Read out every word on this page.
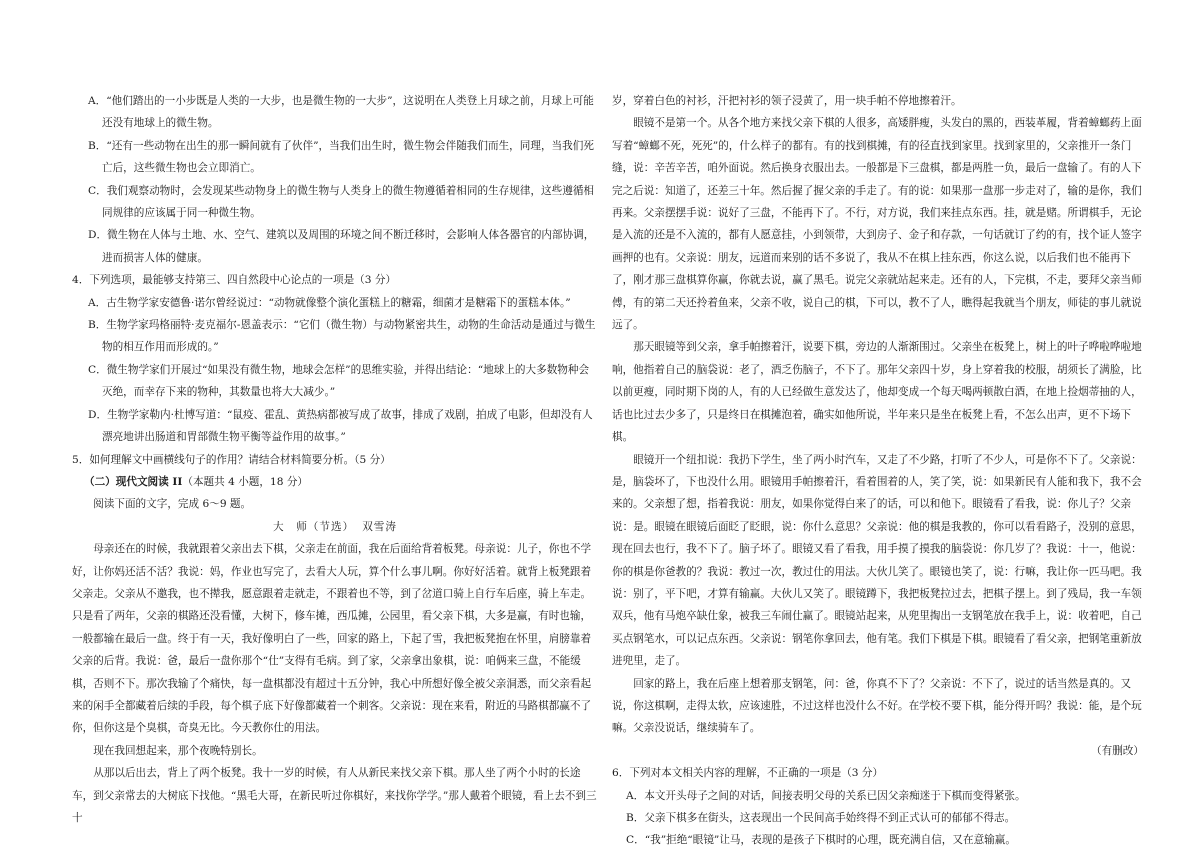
A．“他们踏出的一小步既是人类的一大步，也是微生物的一大步”，这说明在人类登上月球之前，月球上可能还没有地球上的微生物。

B．“还有一些动物在出生的那一瞬间就有了伙伴”，当我们出生时，微生物会伴随我们而生，同理，当我们死亡后，这些微生物也会立即消亡。

C．我们观察动物时，会发现某些动物身上的微生物与人类身上的微生物遵循着相同的生存规律，这些遵循相同规律的应该属于同一种微生物。

D．微生物在人体与土地、水、空气、建筑以及周围的环境之间不断迁移时，会影响人体各器官的内部协调，进而损害人体的健康。

4．下列选项，最能够支持第三、四自然段中心论点的一项是（3 分）

A．古生物学家安德鲁·诺尔曾经说过：“动物就像整个演化蛋糕上的糖霜，细菌才是糖霜下的蛋糕本体。”

B．生物学家玛格丽特·麦克福尔-恩盖表示：“它们（微生物）与动物紧密共生，动物的生命活动是通过与微生物的相互作用而形成的。”

C．微生物学家们开展过“如果没有微生物，地球会怎样”的思维实验，并得出结论：“地球上的大多数物种会灭绝，而幸存下来的物种，其数量也将大大减少。”

D．生物学家勒内·杜博写道：“鼠疫、霍乱、黄热病都被写成了故事，排成了戏剧，拍成了电影，但却没有人漂亮地讲出肠道和胃部微生物平衡等益作用的故事。”

5．如何理解文中画横线句子的作用？请结合材料简要分析。（5 分）

（二）现代文阅读 II（本题共 4 小题，18 分）

阅读下面的文字，完成 6～9 题。

大　师（节选） 双雪涛

母亲还在的时候，我就跟着父亲出去下棋，父亲走在前面，我在后面给背着板凳。母亲说：儿子，你也不学好，让你妈还活不活？我说：妈，作业也写完了，去看大人玩，算个什么事儿啊。你好好活着。就背上板凳跟着父亲走。父亲从不邀我，也不撵我，愿意跟着走就走，不跟着也不等，到了岔道口骑上自行车后座，骑上车走。只是看了两年，父亲的棋路还没看懂，大树下，修车摊，西瓜摊，公园里，看父亲下棋，大多是赢，有时也输，一般都输在最后一盘。终于有一天，我好像明白了一些，回家的路上，下起了雪，我把板凳抱在怀里，肩膀靠着父亲的后背。我说：爸，最后一盘你那个“仕”支得有毛病。到了家，父亲拿出象棋，说：咱俩来三盘，不能缓棋，否则不下。那次我输了个痛快，每一盘棋都没有超过十五分钟，我心中所想好像全被父亲洞悉，而父亲看起来的闲手全都藏着后续的手段，每个棋子底下好像都藏着一个刺客。父亲说：现在来看，附近的马路棋都赢不了你，但你这是个臭棋，奇臭无比。今天教你仕的用法。

现在我回想起来，那个夜晚特别长。

从那以后出去，背上了两个板凳。我十一岁的时候，有人从新民来找父亲下棋。那人坐了两个小时的长途车，到父亲常去的大树底下找他。“黑毛大哥，在新民听过你棋好，来找你学学。”那人戴着个眼镜，看上去不到三十

岁，穿着白色的衬衫，汗把衬衫的领子浸黄了，用一块手帕不停地擦着汗。

眼镜不是第一个。从各个地方来找父亲下棋的人很多，高矮胖瘦，头发白的黑的，西装革履，背着蟑螂药上面写着“蟑螂不死，死死”的，什么样子的都有。有的找到棋摊，有的径直找到家里。找到家里的，父亲推开一条门缝，说：辛苦辛苦，咱外面说。然后换身衣服出去。一般都是下三盘棋，都是两胜一负，最后一盘输了。有的人下完之后说：知道了，还差三十年。然后握了握父亲的手走了。有的说：如果那一盘那一步走对了，输的是你，我们再来。父亲摆摆手说：说好了三盘，不能再下了。不行，对方说，我们来挂点东西。挂，就是赌。所谓棋手，无论是入流的还是不入流的，都有人愿意挂，小到领带，大到房子、金子和存款，一句话就订了约的有，找个证人签字画押的也有。父亲说：朋友，远道而来别的话不多说了，我从不在棋上挂东西，你这么说，以后我们也不能再下了，刚才那三盘棋算你赢，你就去说，赢了黑毛。说完父亲就站起来走。还有的人，下完棋，不走，要拜父亲当师傅，有的第二天还拎着鱼来，父亲不收，说自己的棋，下可以，教不了人，瞧得起我就当个朋友，师徒的事儿就说远了。

那天眼镜等到父亲，拿手帕擦着汗，说要下棋，旁边的人渐渐围过。父亲坐在板凳上，树上的叶子哗啦哗啦地响，他指着自己的脑袋说：老了，酒乏伤脑子，不下了。那年父亲四十岁，身上穿着我的校服，胡须长了满脸，比以前更瘦，同时期下岗的人，有的人已经做生意发达了，他却变成一个每天喝两顿散白酒，在地上捡烟蒂抽的人，话也比过去少多了，只是终日在棋摊泡着，确实如他所说，半年来只是坐在板凳上看，不怎么出声，更不下场下棋。

眼镜开一个纽扣说：我扔下学生，坐了两小时汽车，又走了不少路，打听了不少人，可是你不下了。父亲说：是，脑袋坏了，下也没什么用。眼镜用手帕擦着汗，看着围着的人，笑了笑，说：如果新民有人能和我下，我不会来的。父亲想了想，指着我说：朋友，如果你觉得白来了的话，可以和他下。眼镜看了看我，说：你儿子？父亲说：是。眼镜在眼镜后面眨了眨眼，说：你什么意思？父亲说：他的棋是我教的，你可以看看路子，没别的意思，现在回去也行，我不下了。脑子坏了。眼镜又看了看我，用手摸了摸我的脑袋说：你几岁了？我说：十一，他说：你的棋是你爸教的？我说：教过一次，教过仕的用法。大伙儿笑了。眼镜也笑了，说：行嘛，我让你一匹马吧。我说：别了，平下吧，才算有输赢。大伙儿又笑了。眼镜蹲下，我把板凳拉过去，把棋子摆上。到了残局，我一车领双兵，他有马炮卒缺仕象，被我三车闹仕赢了。眼镜站起来，从兜里掏出一支钢笔放在我手上，说：收着吧，自己买点钢笔水，可以记点东西。父亲说：钢笔你拿回去，他有笔。我们下棋是下棋。眼镜看了看父亲，把钢笔重新放进兜里，走了。

回家的路上，我在后座上想着那支钢笔，问：爸，你真不下了？父亲说：不下了，说过的话当然是真的。又说，你这棋啊，走得太软，应该速胜，不过这样也没什么不好。在学校不要下棋，能分得开吗？我说：能，是个玩嘛。父亲没说话，继续骑车了。

（有删改）

6．下列对本文相关内容的理解，不正确的一项是（3 分）

A．本文开头母子之间的对话，间接表明父母的关系已因父亲痴迷于下棋而变得紧张。

B．父亲下棋多在街头，这表现出一个民间高手始终得不到正式认可的郁郁不得志。

C．“我”拒绝“眼镜”让马，表现的是孩子下棋时的心理，既充满自信，又在意输赢。
